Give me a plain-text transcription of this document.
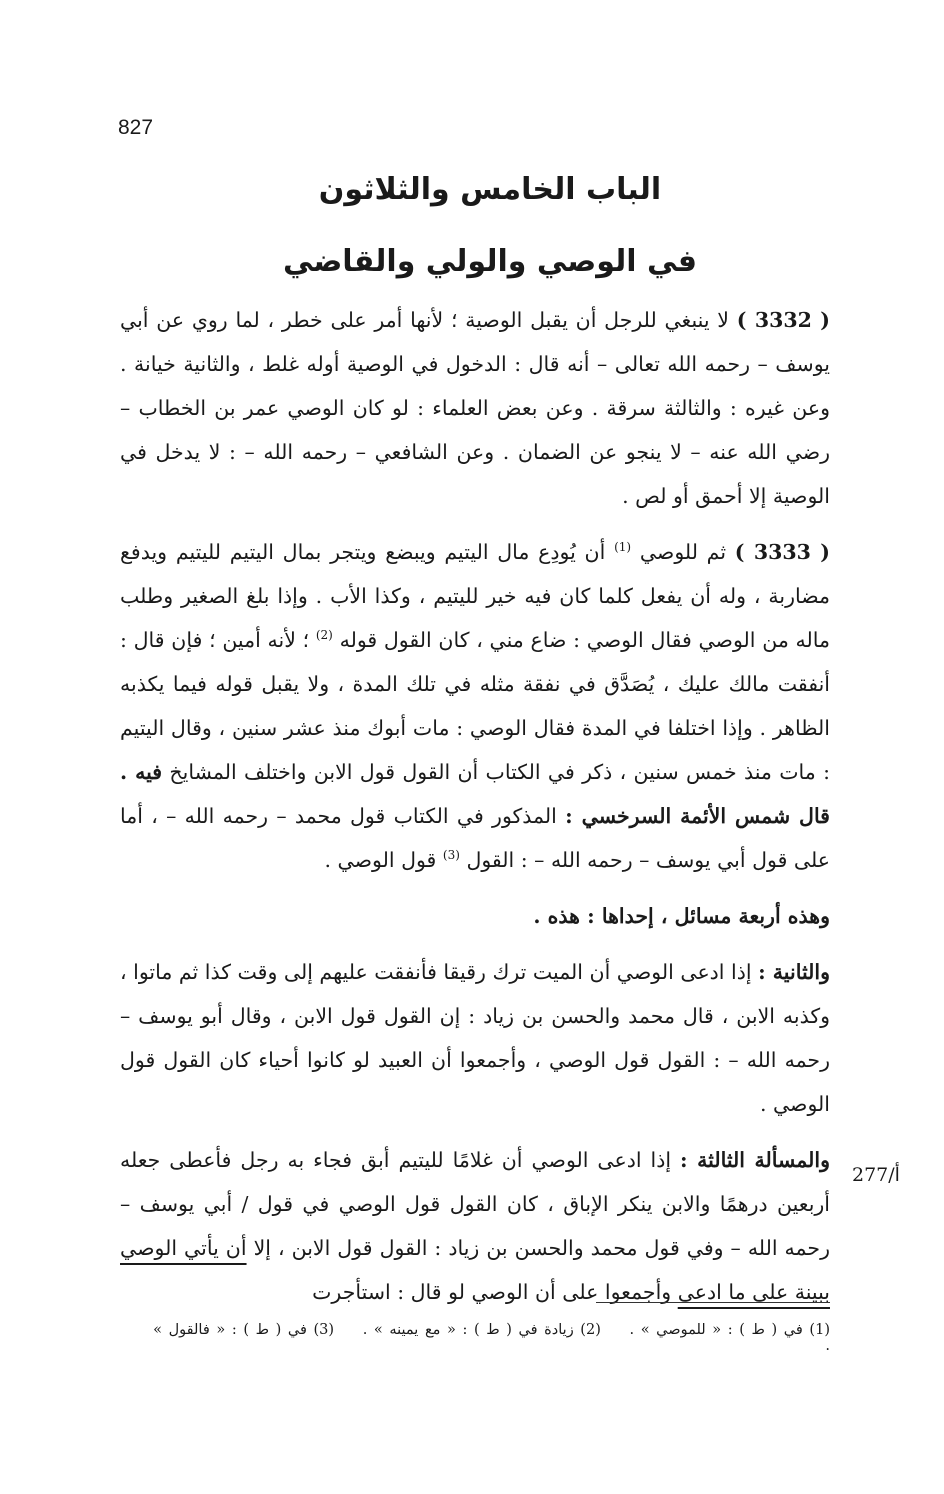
827
الباب الخامس والثلاثون
في الوصي والولي والقاضي

( 3332 ) لا ينبغي للرجل أن يقبل الوصية ؛ لأنها أمر على خطر ، لما روي عن أبي يوسف – رحمه الله تعالى – أنه قال : الدخول في الوصية أوله غلط ، والثانية خيانة . وعن غيره : والثالثة سرقة . وعن بعض العلماء : لو كان الوصي عمر بن الخطاب – رضي الله عنه – لا ينجو عن الضمان . وعن الشافعي – رحمه الله – : لا يدخل في الوصية إلا أحمق أو لص .

( 3333 ) ثم للوصي $^{(1)}$ أن يُودِع مال اليتيم ويبضع ويتجر بمال اليتيم لليتيم ويدفع مضاربة ، وله أن يفعل كلما كان فيه خير لليتيم ، وكذا الأب . وإذا بلغ الصغير وطلب ماله من الوصي فقال الوصي : ضاع مني ، كان القول قوله $^{(2)}$ ؛ لأنه أمين ؛ فإن قال : أنفقت مالك عليك ، يُصَدَّق في نفقة مثله في تلك المدة ، ولا يقبل قوله فيما يكذبه الظاهر . وإذا اختلفا في المدة فقال الوصي : مات أبوك منذ عشر سنين ، وقال اليتيم : مات منذ خمس سنين ، ذكر في الكتاب أن القول قول الابن واختلف المشايخ فيه . قال شمس الأئمة السرخسي : المذكور في الكتاب قول محمد – رحمه الله – ، أما على قول أبي يوسف – رحمه الله – : القول $^{(3)}$ قول الوصي .

وهذه أربعة مسائل ، إحداها : هذه .

والثانية : إذا ادعى الوصي أن الميت ترك رقيقا فأنفقت عليهم إلى وقت كذا ثم ماتوا ، وكذبه الابن ، قال محمد والحسن بن زياد : إن القول قول الابن ، وقال أبو يوسف – رحمه الله – : القول قول الوصي ، وأجمعوا أن العبيد لو كانوا أحياء كان القول قول الوصي .

والمسألة الثالثة : إذا ادعى الوصي أن غلامًا لليتيم أبق فجاء به رجل فأعطى جعله أربعين درهمًا والابن ينكر الإباق ، كان القول قول الوصي في قول / أبي يوسف – رحمه الله – وفي قول محمد والحسن بن زياد : القول قول الابن ، إلا أن يأتي الوصي ببينة على ما ادعى وأجمعوا على أن الوصي لو قال : استأجرت

277/أ
(1) في ( ط ) : « للموصي » . (2) زيادة في ( ط ) : « مع يمينه » . (3) في ( ط ) : « فالقول » .
